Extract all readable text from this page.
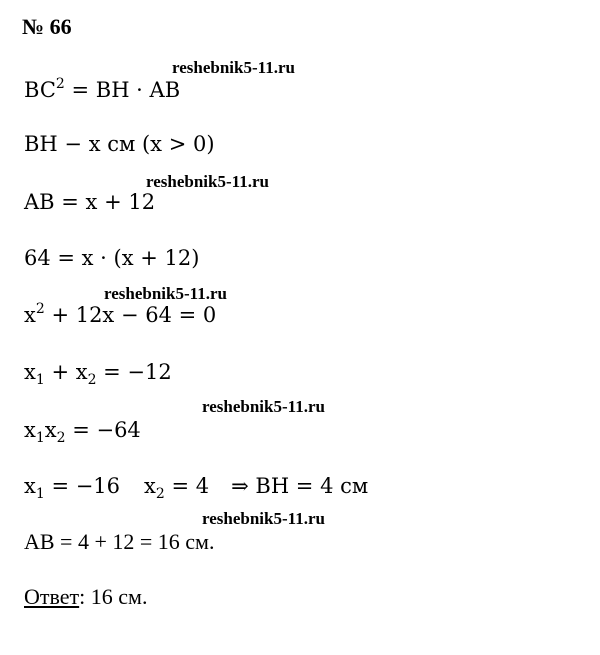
№ 66
$BC^2$ = BH · AB
BH − x см (x > 0)
AB = x + 12
64 = x · (x + 12)
$x^2 + 12x - 64 = 0$
$x_1 + x_2 = -12$
$x_1x_2 = -64$
$x_1 = -16$ $x_2 = 4$ ⇒ BH = 4 см
AB = 4 + 12 = 16 см.
Ответ: 16 см.
reshebnik5-11.ru
reshebnik5-11.ru
reshebnik5-11.ru
reshebnik5-11.ru
reshebnik5-11.ru
